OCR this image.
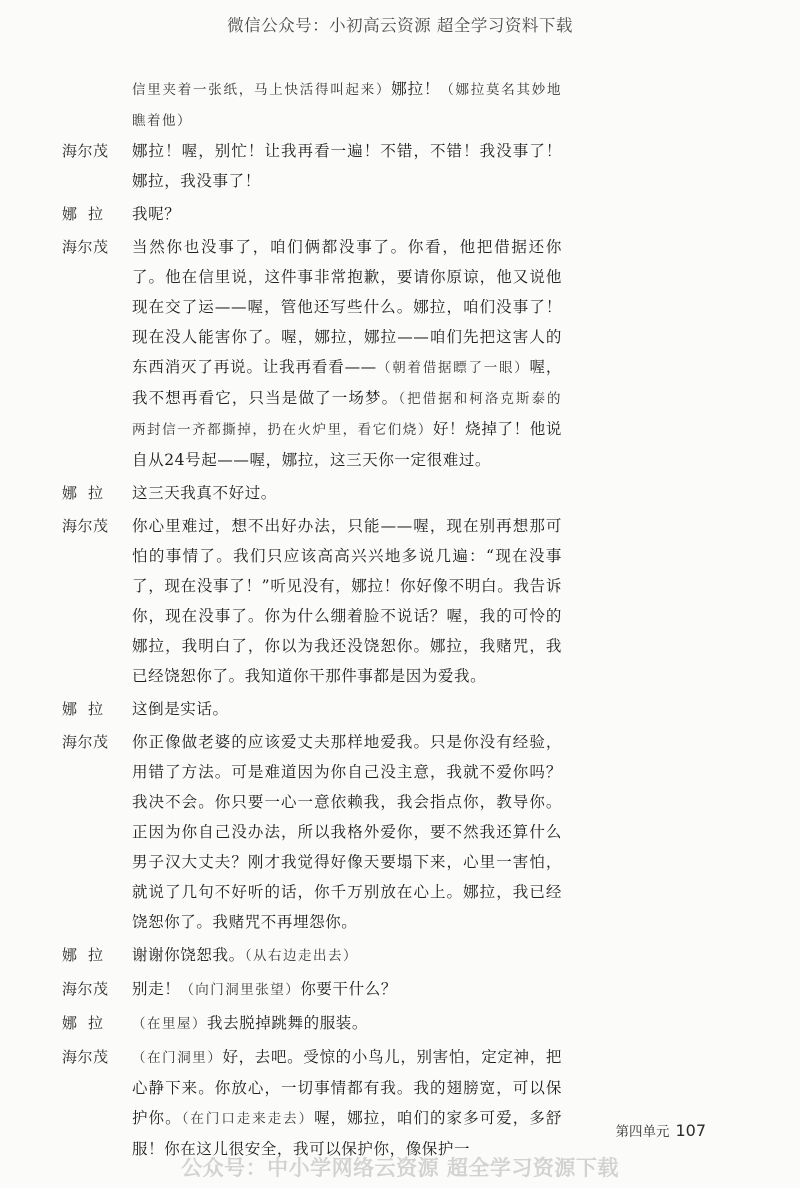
微信公众号：小初高云资源 超全学习资料下载
信里夹着一张纸，马上快活得叫起来）娜拉！（娜拉莫名其妙地瞧着他）
海尔茂	娜拉！喔，别忙！让我再看一遍！不错，不错！我没事了！娜拉，我没事了！
娜  拉	我呢？
海尔茂	当然你也没事了，咱们俩都没事了。你看，他把借据还你了。他在信里说，这件事非常抱歉，要请你原谅，他又说他现在交了运——喔，管他还写些什么。娜拉，咱们没事了！现在没人能害你了。喔，娜拉，娜拉——咱们先把这害人的东西消灭了再说。让我再看看——（朝着借据瞟了一眼）喔，我不想再看它，只当是做了一场梦。（把借据和柯洛克斯泰的两封信一齐都撕掉，扔在火炉里，看它们烧）好！烧掉了！他说自从24号起——喔，娜拉，这三天你一定很难过。
娜  拉	这三天我真不好过。
海尔茂	你心里难过，想不出好办法，只能——喔，现在别再想那可怕的事情了。我们只应该高高兴兴地多说几遍：“现在没事了，现在没事了！”听见没有，娜拉！你好像不明白。我告诉你，现在没事了。你为什么绷着脸不说话？喔，我的可怜的娜拉，我明白了，你以为我还没饶恕你。娜拉，我赌咒，我已经饶恕你了。我知道你干那件事都是因为爱我。
娜  拉	这倒是实话。
海尔茂	你正像做老婆的应该爱丈夫那样地爱我。只是你没有经验，用错了方法。可是难道因为你自己没主意，我就不爱你吗？我决不会。你只要一心一意依赖我，我会指点你，教导你。正因为你自己没办法，所以我格外爱你，要不然我还算什么男子汉大丈夫？刚才我觉得好像天要塌下来，心里一害怕，就说了几句不好听的话，你千万别放在心上。娜拉，我已经饶恕你了。我赌咒不再埋怨你。
娜  拉	谢谢你饶恕我。（从右边走出去）
海尔茂	别走！（向门洞里张望）你要干什么？
娜  拉	（在里屋）我去脱掉跳舞的服装。
海尔茂	（在门洞里）好，去吧。受惊的小鸟儿，别害怕，定定神，把心静下来。你放心，一切事情都有我。我的翅膀宽，可以保护你。（在门口走来走去）喔，娜拉，咱们的家多可爱，多舒服！你在这儿很安全，我可以保护你，像保护一
第四单元 107
公众号：中小学网络云资源 超全学习资源下载
